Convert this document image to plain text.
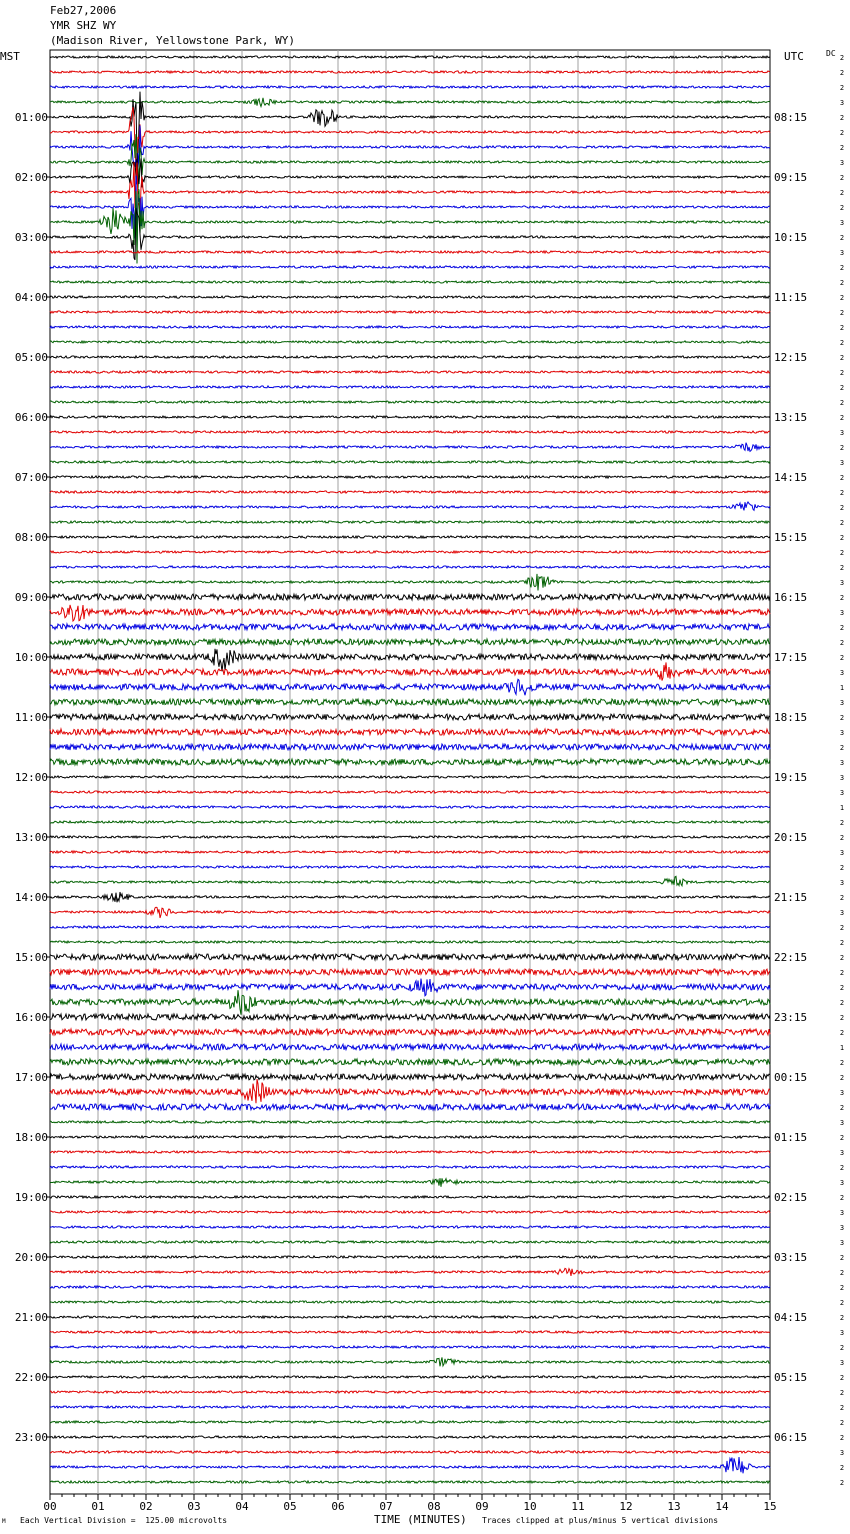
Feb27,2006
YMR SHZ WY
(Madison River, Yellowstone Park, WY)
MST	UTC	DC 2
2
2
3
2
2
2
3
2
2
2
3
2
3
2
2
2
2
2
2
2
2
2
2
2
3
2
3
2
2
2
2
2
2
2
3
2
3
2
2
2
3
1
3
2
3
2
3
3
3
1
2
2
3
2
3
2
3
2
2
2
2
2
2
2
2
1
2
2
3
2
3
2
3
2
3
2
3
3
3
2
2
2
2
2
3
2
3
2
2
2
2
2
3
2
2
01:00
02:00
03:00
04:00
05:00
06:00
07:00
08:00
09:00
10:00
11:00
12:00
13:00
14:00
15:00
16:00
17:00
18:00
19:00
20:00
21:00
22:00
23:00
08:15
09:15
10:15
11:15
12:15
13:15
14:15
15:15
16:15
17:15
18:15
19:15
20:15
21:15
22:15
23:15
00:15
01:15
02:15
03:15
04:15
05:15
06:15
00	01	02	03	04	05	06	07	08	09	10	11	12	13	14	15
Each Vertical Division =  125.00 microvolts
M	TIME (MINUTES) Traces clipped at plus/minus 5 vertical divisions
